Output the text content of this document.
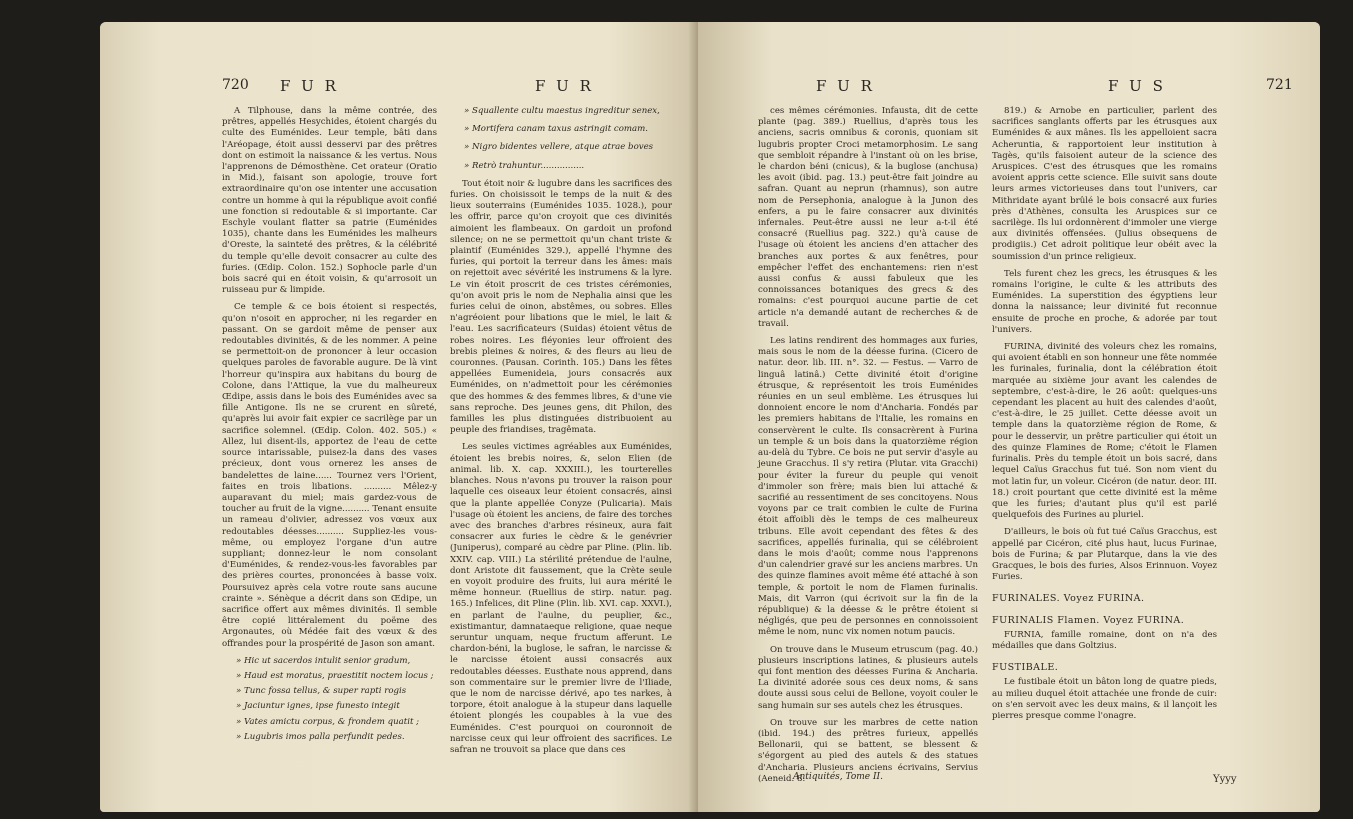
720 F U R	F U R

A Tilphouse, dans la même contrée, des prêtres, appellés Hesychides, étoient chargés du culte des Euménides. Leur temple, bâti dans l'Aréopage, étoit aussi desservi par des prêtres dont on estimoit la naissance & les vertus. Nous l'apprenons de Démosthène. Cet orateur (Oratio in Mid.), faisant son apologie, trouve fort extraordinaire qu'on ose intenter une accusation contre un homme à qui la république avoit confié une fonction si redoutable & si importante. Car Eschyle voulant flatter sa patrie (Euménides 1035), chante dans les Euménides les malheurs d'Oreste, la sainteté des prêtres, & la célébrité du temple qu'elle devoit consacrer au culte des furies. (Œdip. Colon. 152.) Sophocle parle d'un bois sacré qui en étoit voisin, & qu'arrosoit un ruisseau pur & limpide.

Ce temple & ce bois étoient si respectés, qu'on n'osoit en approcher, ni les regarder en passant. On se gardoit même de penser aux redoutables divinités, & de les nommer. A peine se permettoit-on de prononcer à leur occasion quelques paroles de favorable augure. De là vint l'horreur qu'inspira aux habitans du bourg de Colone, dans l'Attique, la vue du malheureux Œdipe, assis dans le bois des Euménides avec sa fille Antigone. Ils ne se crurent en sûreté, qu'après lui avoir fait expier ce sacrilège par un sacrifice solemnel. (Œdip. Colon. 402. 505.) « Allez, lui disent-ils, apportez de l'eau de cette source intarissable, puisez-la dans des vases précieux, dont vous ornerez les anses de bandelettes de laine...... Tournez vers l'Orient, faites en trois libations. .......... Mêlez-y auparavant du miel; mais gardez-vous de toucher au fruit de la vigne.......... Tenant ensuite un rameau d'olivier, adressez vos vœux aux redoutables déesses.......... Suppliez-les vous-même, ou employez l'organe d'un autre suppliant; donnez-leur le nom consolant d'Euménides, & rendez-vous-les favorables par des prières courtes, prononcées à basse voix. Poursuivez après cela votre route sans aucune crainte ». Sénèque a décrit dans son Œdipe, un sacrifice offert aux mêmes divinités. Il semble être copié littéralement du poëme des Argonautes, où Médée fait des vœux & des offrandes pour la prospérité de Jason son amant.

» Hic ut sacerdos intulit senior gradum,
» Haud est moratus, praestitit noctem locus ;
» Tunc fossa tellus, & super rapti rogis
» Jaciuntur ignes, ipse funesto integit
» Vates amictu corpus, & frondem quatit ;
» Lugubris imos palla perfundit pedes.
» Squallente cultu maestus ingreditur senex,
» Mortifera canam taxus astringit comam.
» Nigro bidentes vellere, atque atrae boves
» Retrò trahuntur................

Tout étoit noir & lugubre dans les sacrifices des furies. On choisissoit le temps de la nuit & des lieux souterrains (Euménides 1035. 1028.), pour les offrir, parce qu'on croyoit que ces divinités aimoient les flambeaux. On gardoit un profond silence; on ne se permettoit qu'un chant triste & plaintif (Euménides 329.), appellé l'hymne des furies, qui portoit la terreur dans les âmes: mais on rejettoit avec sévérité les instrumens & la lyre. Le vin étoit proscrit de ces tristes cérémonies, qu'on avoit pris le nom de Nephalia ainsi que les furies celui de oinon, abstêmes, ou sobres. Elles n'agréoient pour libations que le miel, le lait & l'eau. Les sacrificateurs (Suidas) étoient vêtus de robes noires. Les fléyonies leur offroient des brebis pleines & noires, & des fleurs au lieu de couronnes. (Pausan. Corinth. 105.) Dans les fêtes appellées Eumenideia, jours consacrés aux Euménides, on n'admettoit pour les cérémonies que des hommes & des femmes libres, & d'une vie sans reproche. Des jeunes gens, dit Philon, des familles les plus distinguées distribuoient au peuple des friandises, tragêmata.

Les seules victimes agréables aux Euménides, étoient les brebis noires, &, selon Elien (de animal. lib. X. cap. XXXIII.), les tourterelles blanches. Nous n'avons pu trouver la raison pour laquelle ces oiseaux leur étoient consacrés, ainsi que la plante appellée Conyze (Pulicaria). Mais l'usage où étoient les anciens, de faire des torches avec des branches d'arbres résineux, aura fait consacrer aux furies le cèdre & le genévrier (Juniperus), comparé au cèdre par Pline. (Plin. lib. XXIV. cap. VIII.) La stérilité prétendue de l'aulne, dont Aristote dit faussement, que la Crète seule en voyoit produire des fruits, lui aura mérité le même honneur. (Ruellius de stirp. natur. pag. 165.) Infelices, dit Pline (Plin. lib. XVI. cap. XXVI.), en parlant de l'aulne, du peuplier, &c., existimantur, damnataeque religione, quae neque seruntur unquam, neque fructum afferunt. Le chardon-béni, la buglose, le safran, le narcisse & le narcisse étoient aussi consacrés aux redoutables déesses. Eusthate nous apprend, dans son commentaire sur le premier livre de l'Iliade, que le nom de narcisse dérivé, apo tes narkes, à torpore, étoit analogue à la stupeur dans laquelle étoient plongés les coupables à la vue des Euménides. C'est pourquoi on couronnoit de narcisse ceux qui leur offroient des sacrifices. Le safran ne trouvoit sa place que dans ces

F U R	F U S	721

ces mêmes cérémonies. Infausta, dit de cette plante (pag. 389.) Ruellius, d'après tous les anciens, sacris omnibus & coronis, quoniam sit lugubris propter Croci metamorphosim. Le sang que sembloit répandre à l'instant où on les brise, le chardon béni (cnicus), & la buglose (anchusa) les avoit (ibid. pag. 13.) peut-être fait joindre au safran. Quant au neprun (rhamnus), son autre nom de Persephonia, analogue à la Junon des enfers, a pu le faire consacrer aux divinités infernales. Peut-être aussi ne leur a-t-il été consacré (Ruellius pag. 322.) qu'à cause de l'usage où étoient les anciens d'en attacher des branches aux portes & aux fenêtres, pour empêcher l'effet des enchantemens: rien n'est aussi confus & aussi fabuleux que les connoissances botaniques des grecs & des romains: c'est pourquoi aucune partie de cet article n'a demandé autant de recherches & de travail.

Les latins rendirent des hommages aux furies, mais sous le nom de la déesse furina. (Cicero de natur. deor. lib. III. n°. 32. — Festus. — Varro de linguâ latinâ.) Cette divinité étoit d'origine étrusque, & représentoit les trois Euménides réunies en un seul emblème. Les étrusques lui donnoient encore le nom d'Ancharia. Fondés par les premiers habitans de l'Italie, les romains en conservèrent le culte. Ils consacrèrent à Furina un temple & un bois dans la quatorzième région au-delà du Tybre. Ce bois ne put servir d'asyle au jeune Gracchus. Il s'y retira (Plutar. vita Gracchi) pour éviter la fureur du peuple qui venoit d'immoler son frère; mais bien lui attaché & sacrifié au ressentiment de ses concitoyens. Nous voyons par ce trait combien le culte de Furina étoit affoibli dès le temps de ces malheureux tribuns. Elle avoit cependant des fêtes & des sacrifices, appellés furinalia, qui se célébroient dans le mois d'août; comme nous l'apprenons d'un calendrier gravé sur les anciens marbres. Un des quinze flamines avoit même été attaché à son temple, & portoit le nom de Flamen furinalis. Mais, dit Varron (qui écrivoit sur la fin de la république) & la déesse & le prêtre étoient si négligés, que peu de personnes en connoissoient même le nom, nunc vix nomen notum paucis.

On trouve dans le Museum etruscum (pag. 40.) plusieurs inscriptions latines, & plusieurs autels qui font mention des déesses Furina & Ancharia. La divinité adorée sous ces deux noms, & sans doute aussi sous celui de Bellone, voyoit couler le sang humain sur ses autels chez les étrusques.

On trouve sur les marbres de cette nation (ibid. 194.) des prêtres furieux, appellés Bellonarii, qui se battent, se blessent & s'égorgent au pied des autels & des statues d'Ancharia. Plusieurs anciens écrivains, Servius (Aeneid. 8.

Antiquités, Tome II.

819.) & Arnobe en particulier, parlent des sacrifices sanglants offerts par les étrusques aux Euménides & aux mânes. Ils les appelloient sacra Acheruntia, & rapportoient leur institution à Tagès, qu'ils faisoient auteur de la science des Aruspices. C'est des étrusques que les romains avoient appris cette science. Elle suivit sans doute leurs armes victorieuses dans tout l'univers, car Mithridate ayant brûlé le bois consacré aux furies près d'Athènes, consulta les Aruspices sur ce sacrilège. Ils lui ordonnèrent d'immoler une vierge aux divinités offensées. (Julius obsequens de prodigiis.) Cet adroit politique leur obéit avec la soumission d'un prince religieux.

Tels furent chez les grecs, les étrusques & les romains l'origine, le culte & les attributs des Euménides. La superstition des égyptiens leur donna la naissance; leur divinité fut reconnue ensuite de proche en proche, & adorée par tout l'univers.

FURINA, divinité des voleurs chez les romains, qui avoient établi en son honneur une fête nommée les furinales, furinalia, dont la célébration étoit marquée au sixième jour avant les calendes de septembre, c'est-à-dire, le 26 août: quelques-uns cependant les placent au huit des calendes d'août, c'est-à-dire, le 25 juillet. Cette déesse avoit un temple dans la quatorzième région de Rome, & pour le desservir, un prêtre particulier qui étoit un des quinze Flamines de Rome; c'étoit le Flamen furinalis. Près du temple étoit un bois sacré, dans lequel Caïus Gracchus fut tué. Son nom vient du mot latin fur, un voleur. Cicéron (de natur. deor. III. 18.) croit pourtant que cette divinité est la même que les furies; d'autant plus qu'il est parlé quelquefois des Furines au pluriel.

D'ailleurs, le bois où fut tué Caïus Gracchus, est appellé par Cicéron, cité plus haut, lucus Furinae, bois de Furina; & par Plutarque, dans la vie des Gracques, le bois des furies, Alsos Erinnuon. Voyez Furies.

FURINALES. Voyez FURINA.
FURINALIS Flamen. Voyez FURINA.

FURNIA, famille romaine, dont on n'a des médailles que dans Goltzius.

FUSTIBALE.

Le fustibale étoit un bâton long de quatre pieds, au milieu duquel étoit attachée une fronde de cuir: on s'en servoit avec les deux mains, & il lançoit les pierres presque comme l'onagre.

Yyyy
